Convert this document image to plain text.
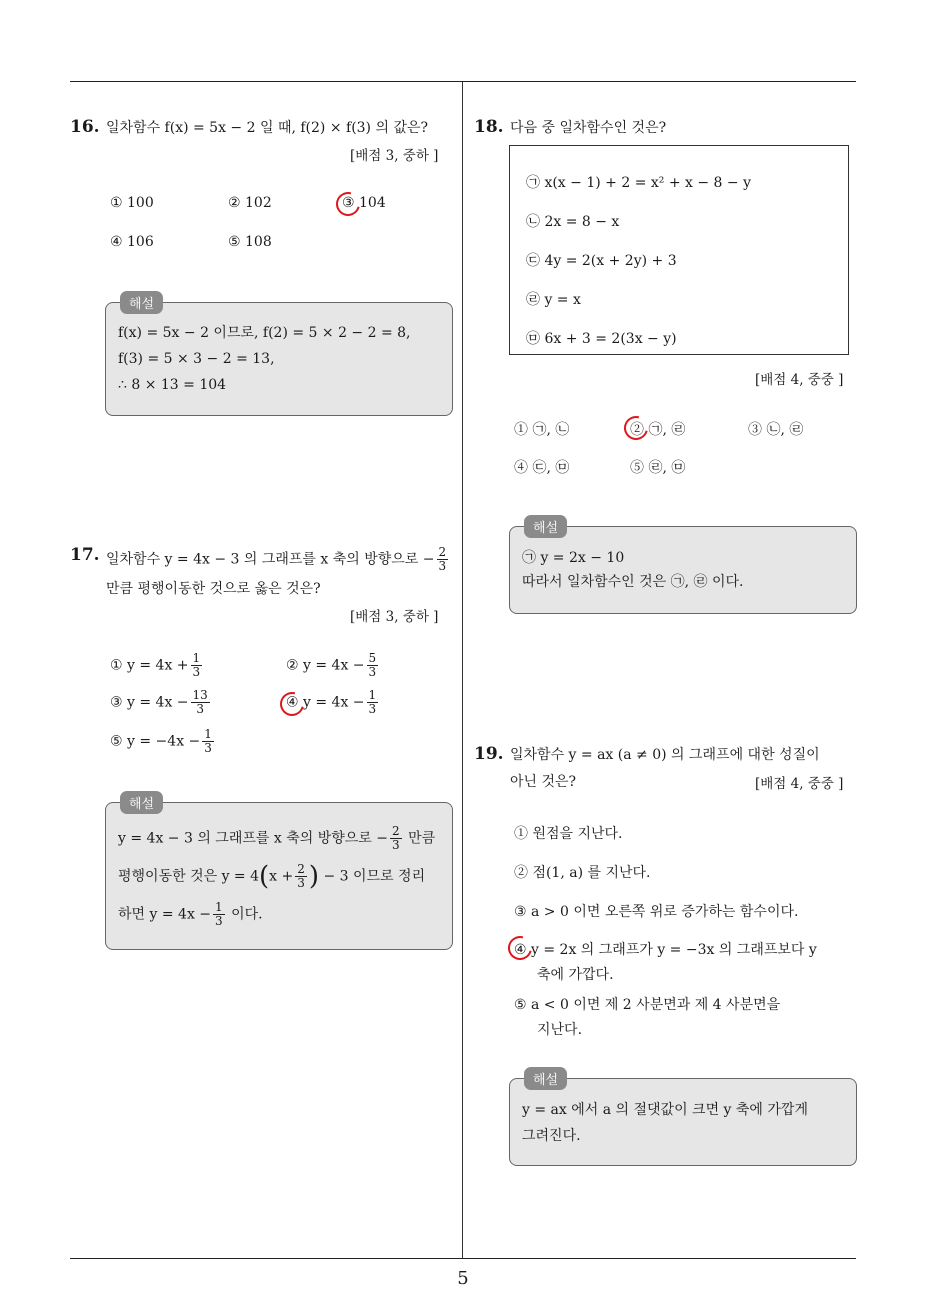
5
16. 일차함수 f(x) = 5x − 2 일 때, f(2) × f(3) 의 값은?
[배점 3, 중하 ]
① 100	② 102	③ 104
④ 106	⑤ 108
f(x) = 5x − 2 이므로, f(2) = 5 × 2 − 2 = 8,
f(3) = 5 × 3 − 2 = 13,
∴ 8 × 13 = 104
해설
17. 일차함수 y = 4x − 3 의 그래프를 x 축의 방향으로 − $\frac{2}{3}$
만큼 평행이동한 것으로 옳은 것은?
[배점 3, 중하 ]
① $y = 4x + \frac{1}{3}$	② $y = 4x - \frac{5}{3}$
③ $y = 4x - \frac{13}{3}$	④ $y = 4x - \frac{1}{3}$
⑤ $y = -4x - \frac{1}{3}$
y = 4x − 3 의 그래프를 x 축의 방향으로 − $\frac{2}{3}$ 만큼
평행이동한 것은 $y = 4(x + \frac{2}{3}$ ) − 3 이므로 정리
하면 $y = 4x - \frac{1}{3}$ 이다.
해설
18. 다음 중 일차함수인 것은?
㉠ x(x − 1) + 2 = x² + x − 8 − y
㉡ 2x = 8 − x
㉢ 4y = 2(x + 2y) + 3
㉣ y = x
㉤ 6x + 3 = 2(3x − y)
[배점 4, 중중 ]
① ㉠, ㉡	② ㉠, ㉣	③ ㉡, ㉣
④ ㉢, ㉤	⑤ ㉣, ㉤
㉠ y = 2x − 10
따라서 일차함수인 것은 ㉠, ㉣ 이다.
해설
19. 일차함수 y = ax (a ≠ 0) 의 그래프에 대한 성질이
아닌 것은?	[배점 4, 중중 ]
① 원점을 지난다.
② 점(1, a) 를 지난다.
③ a > 0 이면 오른쪽 위로 증가하는 함수이다.
④ y = 2x 의 그래프가 y = −3x 의 그래프보다 y
축에 가깝다.
⑤ a < 0 이면 제 2 사분면과 제 4 사분면을
지난다.
y = ax 에서 a 의 절댓값이 크면 y 축에 가깝게
그려진다.
해설
